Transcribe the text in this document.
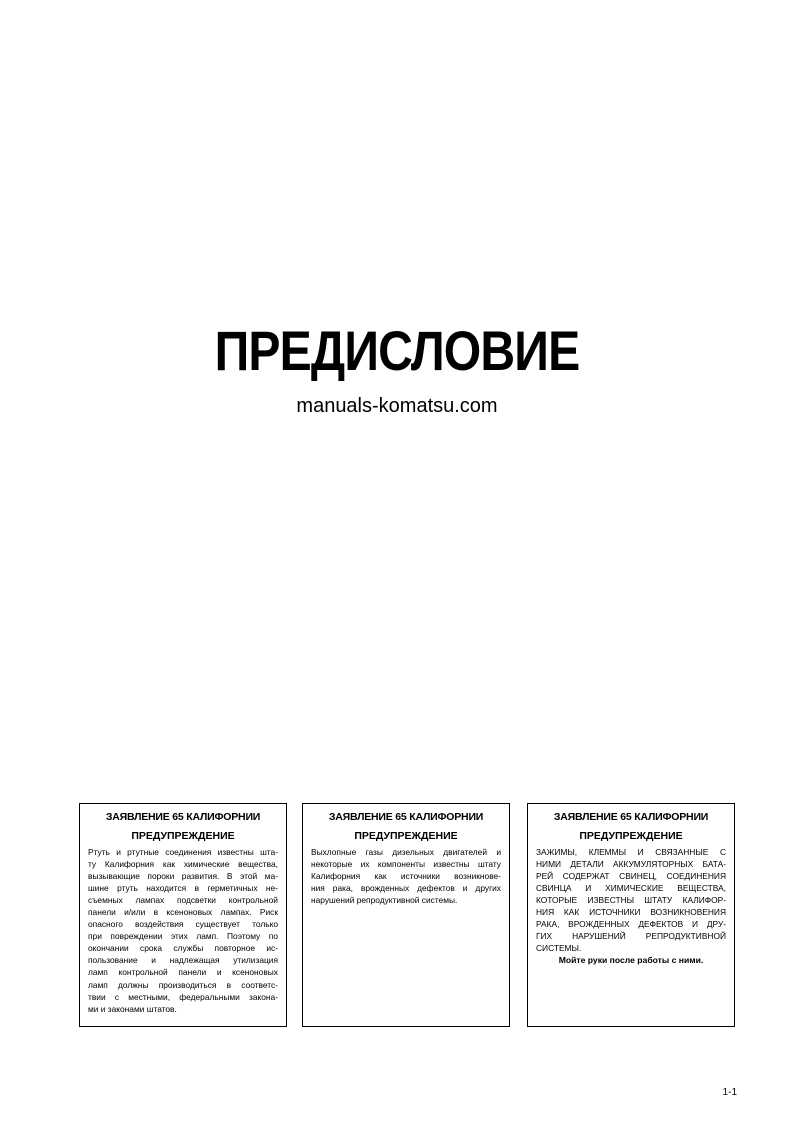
ПРЕДИСЛОВИЕ
manuals-komatsu.com
ЗАЯВЛЕНИЕ 65 КАЛИФОРНИИ
ПРЕДУПРЕЖДЕНИЕ
Ртуть и ртутные соединения известны шта-
ту Калифорния как химические вещества,
вызывающие пороки развития. В этой ма-
шине ртуть находится в герметичных не-
съемных лампах подсветки контрольной
панели и/или в ксеноновых лампах. Риск
опасного воздействия существует только
при повреждении этих ламп. Поэтому по
окончании срока службы повторное ис-
пользование и надлежащая утилизация
ламп контрольной панели и ксеноновых
ламп должны производиться в соответс-
твии с местными, федеральными закона-
ми и законами штатов.
ЗАЯВЛЕНИЕ 65 КАЛИФОРНИИ
ПРЕДУПРЕЖДЕНИЕ
Выхлопные газы дизельных двигателей и
некоторые их компоненты известны штату
Калифорния как источники возникнове-
ния рака, врожденных дефектов и других
нарушений репродуктивной системы.
ЗАЯВЛЕНИЕ 65 КАЛИФОРНИИ
ПРЕДУПРЕЖДЕНИЕ
ЗАЖИМЫ, КЛЕММЫ И СВЯЗАННЫЕ С
НИМИ ДЕТАЛИ АККУМУЛЯТОРНЫХ БАТА-
РЕЙ СОДЕРЖАТ СВИНЕЦ, СОЕДИНЕНИЯ
СВИНЦА И ХИМИЧЕСКИЕ ВЕЩЕСТВА,
КОТОРЫЕ ИЗВЕСТНЫ ШТАТУ КАЛИФОР-
НИЯ КАК ИСТОЧНИКИ ВОЗНИКНОВЕНИЯ
РАКА, ВРОЖДЕННЫХ ДЕФЕКТОВ И ДРУ-
ГИХ НАРУШЕНИЙ РЕПРОДУКТИВНОЙ
СИСТЕМЫ.
Мойте руки после работы с ними.
1-1
